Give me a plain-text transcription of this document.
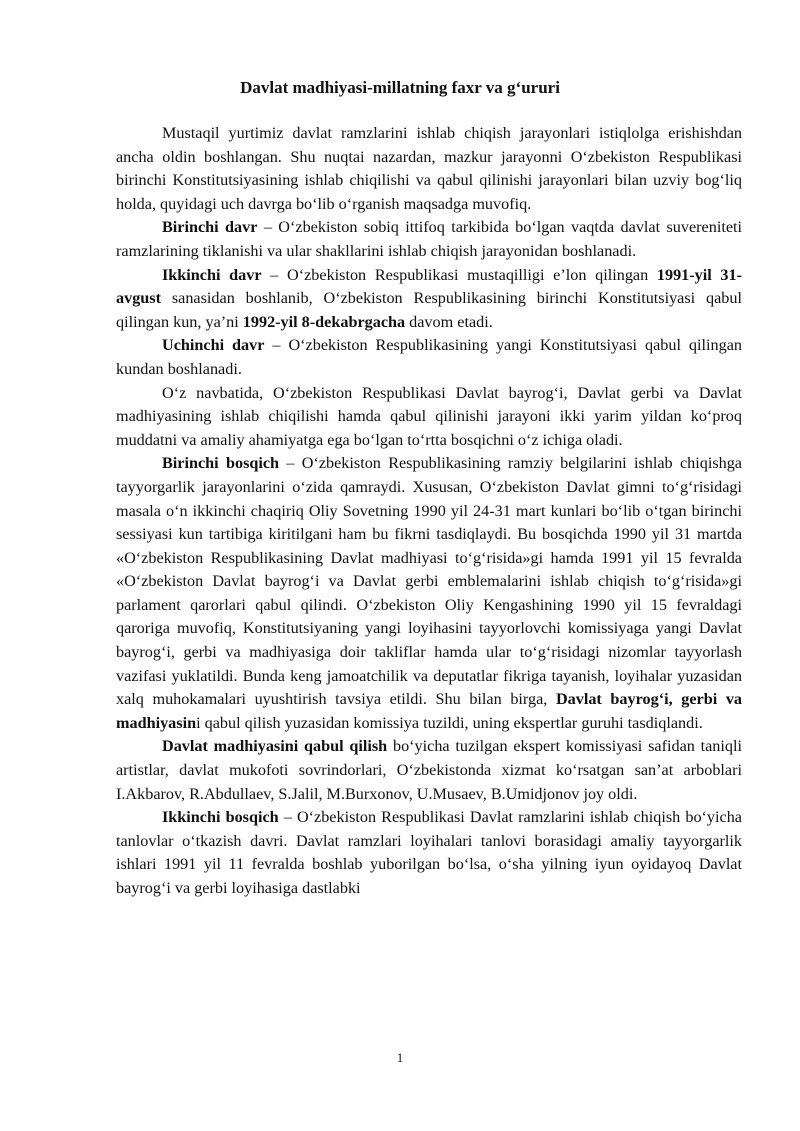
Davlat madhiyasi-millatning faxr va g‘ururi

Mustaqil yurtimiz davlat ramzlarini ishlab chiqish jarayonlari istiqlolga erishishdan ancha oldin boshlangan. Shu nuqtai nazardan, mazkur jarayonni O‘zbekiston Respublikasi birinchi Konstitutsiyasining ishlab chiqilishi va qabul qilinishi jarayonlari bilan uzviy bog‘liq holda, quyidagi uch davrga bo‘lib o‘rganish maqsadga muvofiq.

Birinchi davr – O‘zbekiston sobiq ittifoq tarkibida bo‘lgan vaqtda davlat suvereniteti ramzlarining tiklanishi va ular shakllarini ishlab chiqish jarayonidan boshlanadi.

Ikkinchi davr – O‘zbekiston Respublikasi mustaqilligi e’lon qilingan 1991-yil 31-avgust sanasidan boshlanib, O‘zbekiston Respublikasining birinchi Konstitutsiyasi qabul qilingan kun, ya’ni 1992-yil 8-dekabrgacha davom etadi.

Uchinchi davr – O‘zbekiston Respublikasining yangi Konstitutsiyasi qabul qilingan kundan boshlanadi.

O‘z navbatida, O‘zbekiston Respublikasi Davlat bayrog‘i, Davlat gerbi va Davlat madhiyasining ishlab chiqilishi hamda qabul qilinishi jarayoni ikki yarim yildan ko‘proq muddatni va amaliy ahamiyatga ega bo‘lgan to‘rtta bosqichni o‘z ichiga oladi.

Birinchi bosqich – O‘zbekiston Respublikasining ramziy belgilarini ishlab chiqishga tayyorgarlik jarayonlarini o‘zida qamraydi. Xususan, O‘zbekiston Davlat gimni to‘g‘risidagi masala o‘n ikkinchi chaqiriq Oliy Sovetning 1990 yil 24-31 mart kunlari bo‘lib o‘tgan birinchi sessiyasi kun tartibiga kiritilgani ham bu fikrni tasdiqlaydi. Bu bosqichda 1990 yil 31 martda «O‘zbekiston Respublikasining Davlat madhiyasi to‘g‘risida»gi hamda 1991 yil 15 fevralda «O‘zbekiston Davlat bayrog‘i va Davlat gerbi emblemalarini ishlab chiqish to‘g‘risida»gi parlament qarorlari qabul qilindi. O‘zbekiston Oliy Kengashining 1990 yil 15 fevraldagi qaroriga muvofiq, Konstitutsiyaning yangi loyihasini tayyorlovchi komissiyaga yangi Davlat bayrog‘i, gerbi va madhiyasiga doir takliflar hamda ular to‘g‘risidagi nizomlar tayyorlash vazifasi yuklatildi. Bunda keng jamoatchilik va deputatlar fikriga tayanish, loyihalar yuzasidan xalq muhokamalari uyushtirish tavsiya etildi. Shu bilan birga, Davlat bayrog‘i, gerbi va madhiyasini qabul qilish yuzasidan komissiya tuzildi, uning ekspertlar guruhi tasdiqlandi.

Davlat madhiyasini qabul qilish bo‘yicha tuzilgan ekspert komissiyasi safidan taniqli artistlar, davlat mukofoti sovrindorlari, O‘zbekistonda xizmat ko‘rsatgan san’at arboblari I.Akbarov, R.Abdullaev, S.Jalil, M.Burxonov, U.Musaev, B.Umidjonov joy oldi.

Ikkinchi bosqich – O‘zbekiston Respublikasi Davlat ramzlarini ishlab chiqish bo‘yicha tanlovlar o‘tkazish davri. Davlat ramzlari loyihalari tanlovi borasidagi amaliy tayyorgarlik ishlari 1991 yil 11 fevralda boshlab yuborilgan bo‘lsa, o‘sha yilning iyun oyidayoq Davlat bayrog‘i va gerbi loyihasiga dastlabki

1
